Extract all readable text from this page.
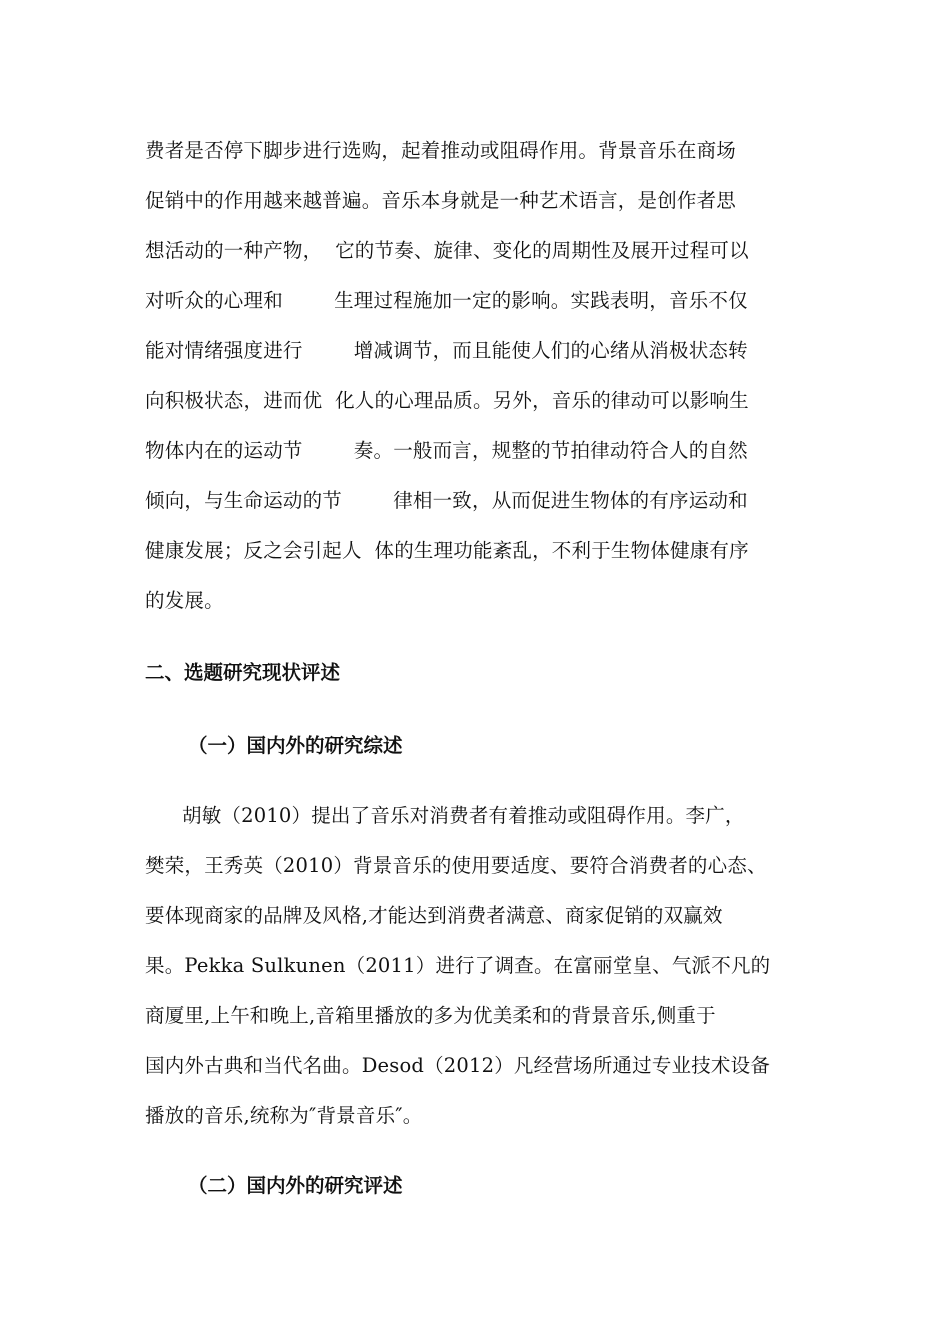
费者是否停下脚步进行选购，起着推动或阻碍作用。背景音乐在商场
促销中的作用越来越普遍。音乐本身就是一种艺术语言，是创作者思
想活动的一种产物，  它的节奏、旋律、变化的周期性及展开过程可以
对听众的心理和        生理过程施加一定的影响。实践表明，音乐不仅
能对情绪强度进行        增减调节，而且能使人们的心绪从消极状态转
向积极状态，进而优  化人的心理品质。另外，音乐的律动可以影响生
物体内在的运动节        奏。一般而言，规整的节拍律动符合人的自然
倾向，与生命运动的节        律相一致，从而促进生物体的有序运动和
健康发展；反之会引起人  体的生理功能紊乱，不利于生物体健康有序
的发展。
二、选题研究现状评述
（一）国内外的研究综述
胡敏（2010）提出了音乐对消费者有着推动或阻碍作用。李广，
樊荣，王秀英（2010）背景音乐的使用要适度、要符合消费者的心态、
要体现商家的品牌及风格,才能达到消费者满意、商家促销的双赢效
果。Pekka Sulkunen（2011）进行了调查。在富丽堂皇、气派不凡的
商厦里,上午和晚上,音箱里播放的多为优美柔和的背景音乐,侧重于
国内外古典和当代名曲。Desod（2012）凡经营场所通过专业技术设备
播放的音乐,统称为″背景音乐″。
（二）国内外的研究评述
